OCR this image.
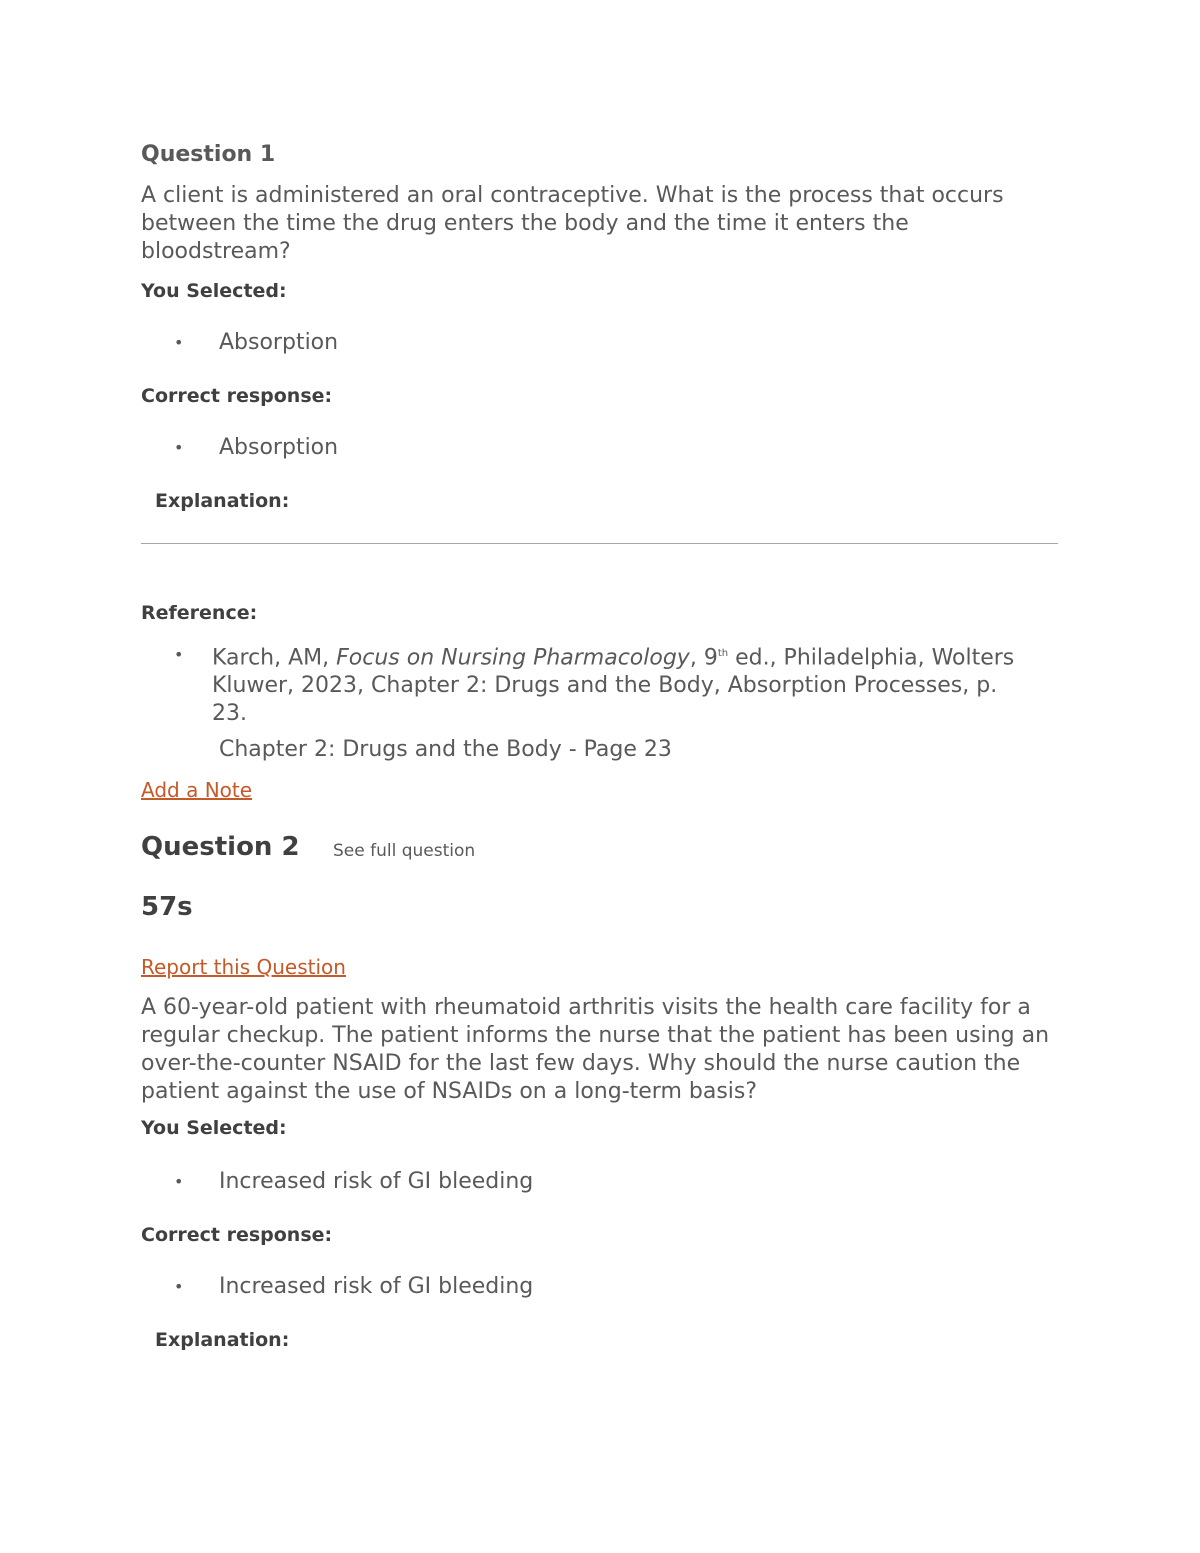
Question 1
A client is administered an oral contraceptive. What is the process that occurs between the time the drug enters the body and the time it enters the bloodstream?
You Selected:
• Absorption
Correct response:
• Absorption
Explanation:
Reference:
• Karch, AM, Focus on Nursing Pharmacology, 9th ed., Philadelphia, Wolters Kluwer, 2023, Chapter 2: Drugs and the Body, Absorption Processes, p. 23.
Chapter 2: Drugs and the Body - Page 23
Add a Note
Question 2 See full question
57s
Report this Question
A 60-year-old patient with rheumatoid arthritis visits the health care facility for a regular checkup. The patient informs the nurse that the patient has been using an over-the-counter NSAID for the last few days. Why should the nurse caution the patient against the use of NSAIDs on a long-term basis?
You Selected:
• Increased risk of GI bleeding
Correct response:
• Increased risk of GI bleeding
Explanation:
